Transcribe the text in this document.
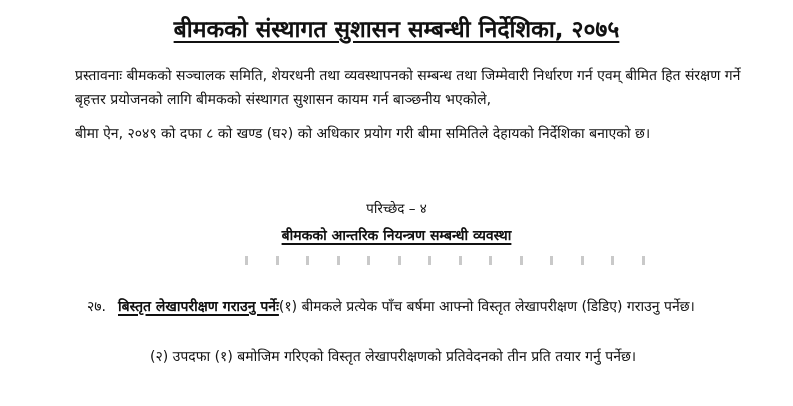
बीमकको संस्थागत सुशासन सम्बन्धी निर्देशिका, २०७५

प्रस्तावनाः बीमकको सञ्चालक समिति, शेयरधनी तथा व्यवस्थापनको सम्बन्ध तथा जिम्मेवारी निर्धारण गर्न एवम् बीमित हित संरक्षण गर्ने बृहत्तर प्रयोजनको लागि बीमकको संस्थागत सुशासन कायम गर्न बाञ्छनीय भएकोले,

बीमा ऐन, २०४९ को दफा ८ को खण्ड (घ२) को अधिकार प्रयोग गरी बीमा समितिले देहायको निर्देशिका बनाएको छ।

परिच्छेद – ४
बीमकको आन्तरिक नियन्त्रण सम्बन्धी व्यवस्था
२७. बिस्तृत लेखापरीक्षण गराउनु पर्नेः(१) बीमकले प्रत्येक पाँच बर्षमा आफ्नो विस्तृत लेखापरीक्षण (डिडिए) गराउनु पर्नेछ।

(२) उपदफा (१) बमोजिम गरिएको विस्तृत लेखापरीक्षणको प्रतिवेदनको तीन प्रति तयार गर्नु पर्नेछ।
